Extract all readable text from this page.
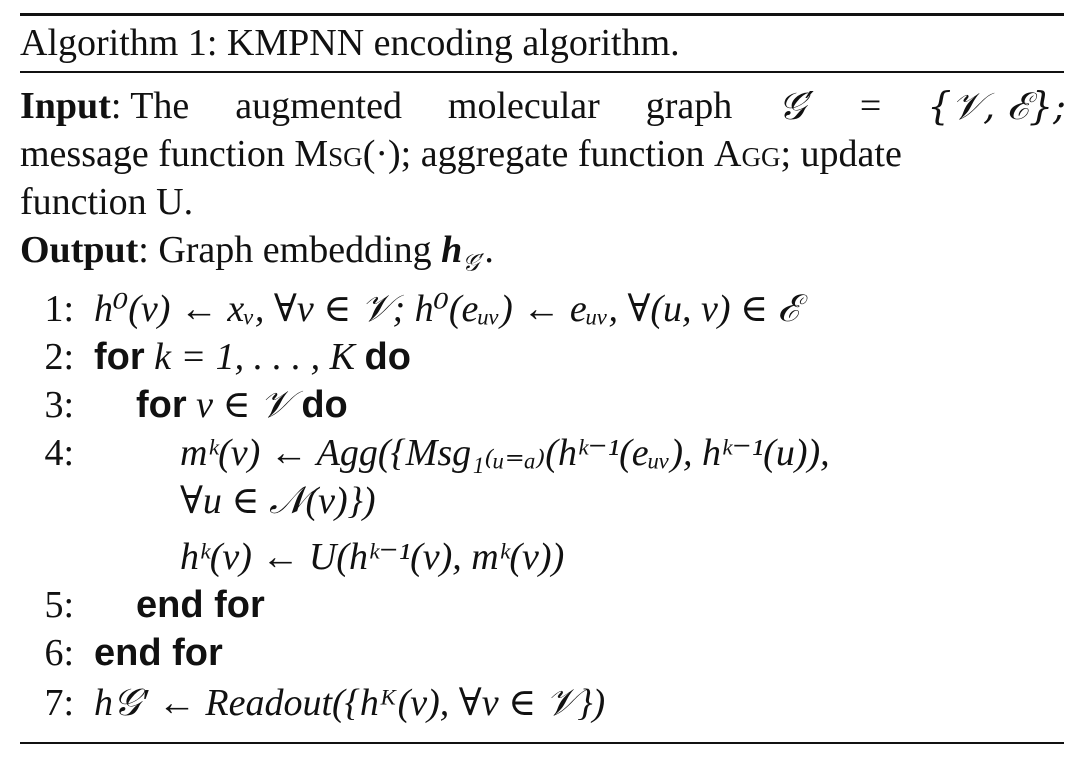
Algorithm 1: KMPNN encoding algorithm.
Input: The augmented molecular graph 𝒢′ = {𝒱, ℰ};
message function Msg(·); aggregate function Agg; update
function U.
Output: Graph embedding $h_{𝒢'}$.
1: h⁰(v) ← xᵥ, ∀v ∈ 𝒱; h⁰(eᵤᵥ) ← eᵤᵥ, ∀(u, v) ∈ ℰ
2: for k = 1, . . . , K do
3: for v ∈ 𝒱 do
4:	mᵏ(v) ← Agg({Msg₁₍ᵤ₌ₐ₎(hᵏ⁻¹(eᵤᵥ), hᵏ⁻¹(u)),
∀u ∈ 𝒩(v)})
hᵏ(v) ← U(hᵏ⁻¹(v), mᵏ(v))
5: end for
6: end for
7: h𝒢′ ← Readout({hᴷ(v), ∀v ∈ 𝒱})
